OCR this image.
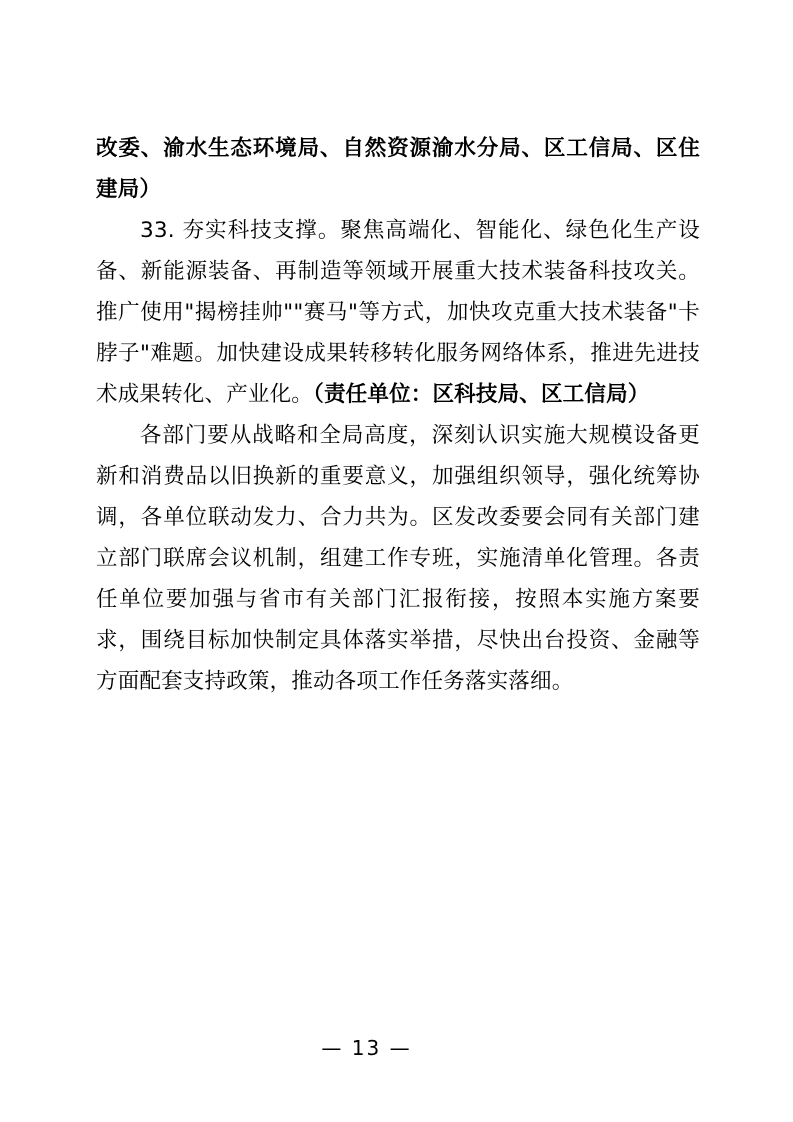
改委、渝水生态环境局、自然资源渝水分局、区工信局、区住建局）

33. 夯实科技支撑。聚焦高端化、智能化、绿色化生产设备、新能源装备、再制造等领域开展重大技术装备科技攻关。推广使用"揭榜挂帅""赛马"等方式，加快攻克重大技术装备"卡脖子"难题。加快建设成果转移转化服务网络体系，推进先进技术成果转化、产业化。（责任单位：区科技局、区工信局）

各部门要从战略和全局高度，深刻认识实施大规模设备更新和消费品以旧换新的重要意义，加强组织领导，强化统筹协调，各单位联动发力、合力共为。区发改委要会同有关部门建立部门联席会议机制，组建工作专班，实施清单化管理。各责任单位要加强与省市有关部门汇报衔接，按照本实施方案要求，围绕目标加快制定具体落实举措，尽快出台投资、金融等方面配套支持政策，推动各项工作任务落实落细。

— 13 —
